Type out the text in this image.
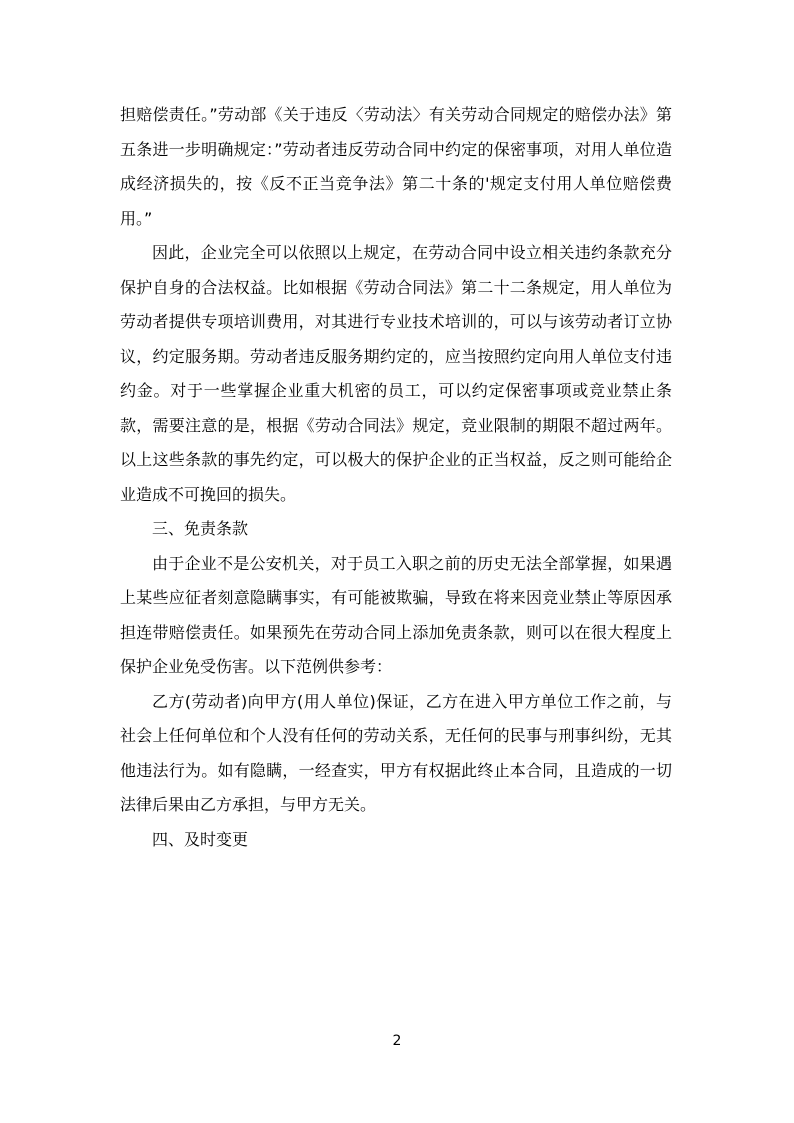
担赔偿责任。”劳动部《关于违反〈劳动法〉有关劳动合同规定的赔偿办法》第五条进一步明确规定：”劳动者违反劳动合同中约定的保密事项，对用人单位造成经济损失的，按《反不正当竞争法》第二十条的'规定支付用人单位赔偿费用。”

因此，企业完全可以依照以上规定，在劳动合同中设立相关违约条款充分保护自身的合法权益。比如根据《劳动合同法》第二十二条规定，用人单位为劳动者提供专项培训费用，对其进行专业技术培训的，可以与该劳动者订立协议，约定服务期。劳动者违反服务期约定的，应当按照约定向用人单位支付违约金。对于一些掌握企业重大机密的员工，可以约定保密事项或竞业禁止条款，需要注意的是，根据《劳动合同法》规定，竞业限制的期限不超过两年。以上这些条款的事先约定，可以极大的保护企业的正当权益，反之则可能给企业造成不可挽回的损失。

三、免责条款

由于企业不是公安机关，对于员工入职之前的历史无法全部掌握，如果遇上某些应征者刻意隐瞒事实，有可能被欺骗，导致在将来因竞业禁止等原因承担连带赔偿责任。如果预先在劳动合同上添加免责条款，则可以在很大程度上保护企业免受伤害。以下范例供参考：

乙方(劳动者)向甲方(用人单位)保证，乙方在进入甲方单位工作之前，与社会上任何单位和个人没有任何的劳动关系，无任何的民事与刑事纠纷，无其他违法行为。如有隐瞒，一经查实，甲方有权据此终止本合同，且造成的一切法律后果由乙方承担，与甲方无关。

四、及时变更

2
